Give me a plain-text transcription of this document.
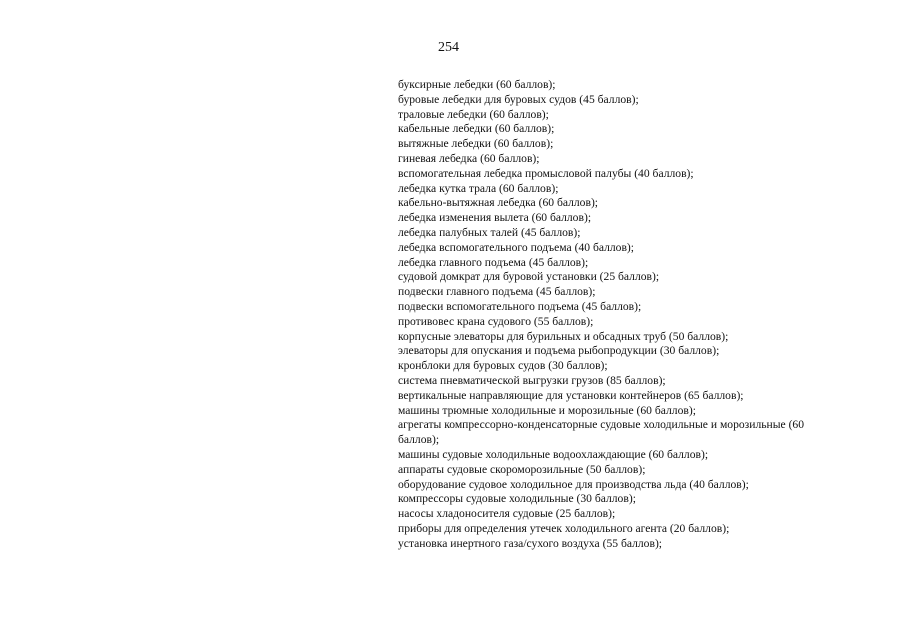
254

буксирные лебедки (60 баллов);
буровые лебедки для буровых судов (45 баллов);
траловые лебедки (60 баллов);
кабельные лебедки (60 баллов);
вытяжные лебедки (60 баллов);
гиневая лебедка (60 баллов);
вспомогательная лебедка промысловой палубы (40 баллов);
лебедка кутка трала (60 баллов);
кабельно-вытяжная лебедка (60 баллов);
лебедка изменения вылета (60 баллов);
лебедка палубных талей (45 баллов);
лебедка вспомогательного подъема (40 баллов);
лебедка главного подъема (45 баллов);
судовой домкрат для буровой установки (25 баллов);
подвески главного подъема (45 баллов);
подвески вспомогательного подъема (45 баллов);
противовес крана судового (55 баллов);
корпусные элеваторы для бурильных и обсадных труб (50 баллов);
элеваторы для опускания и подъема рыбопродукции (30 баллов);
кронблоки для буровых судов (30 баллов);
система пневматической выгрузки грузов (85 баллов);
вертикальные направляющие для установки контейнеров (65 баллов);
машины трюмные холодильные и морозильные (60 баллов);
агрегаты компрессорно-конденсаторные судовые холодильные и морозильные (60 баллов);
машины судовые холодильные водоохлаждающие (60 баллов);
аппараты судовые скороморозильные (50 баллов);
оборудование судовое холодильное для производства льда (40 баллов);
компрессоры судовые холодильные (30 баллов);
насосы хладоносителя судовые (25 баллов);
приборы для определения утечек холодильного агента (20 баллов);
установка инертного газа/сухого воздуха (55 баллов);
